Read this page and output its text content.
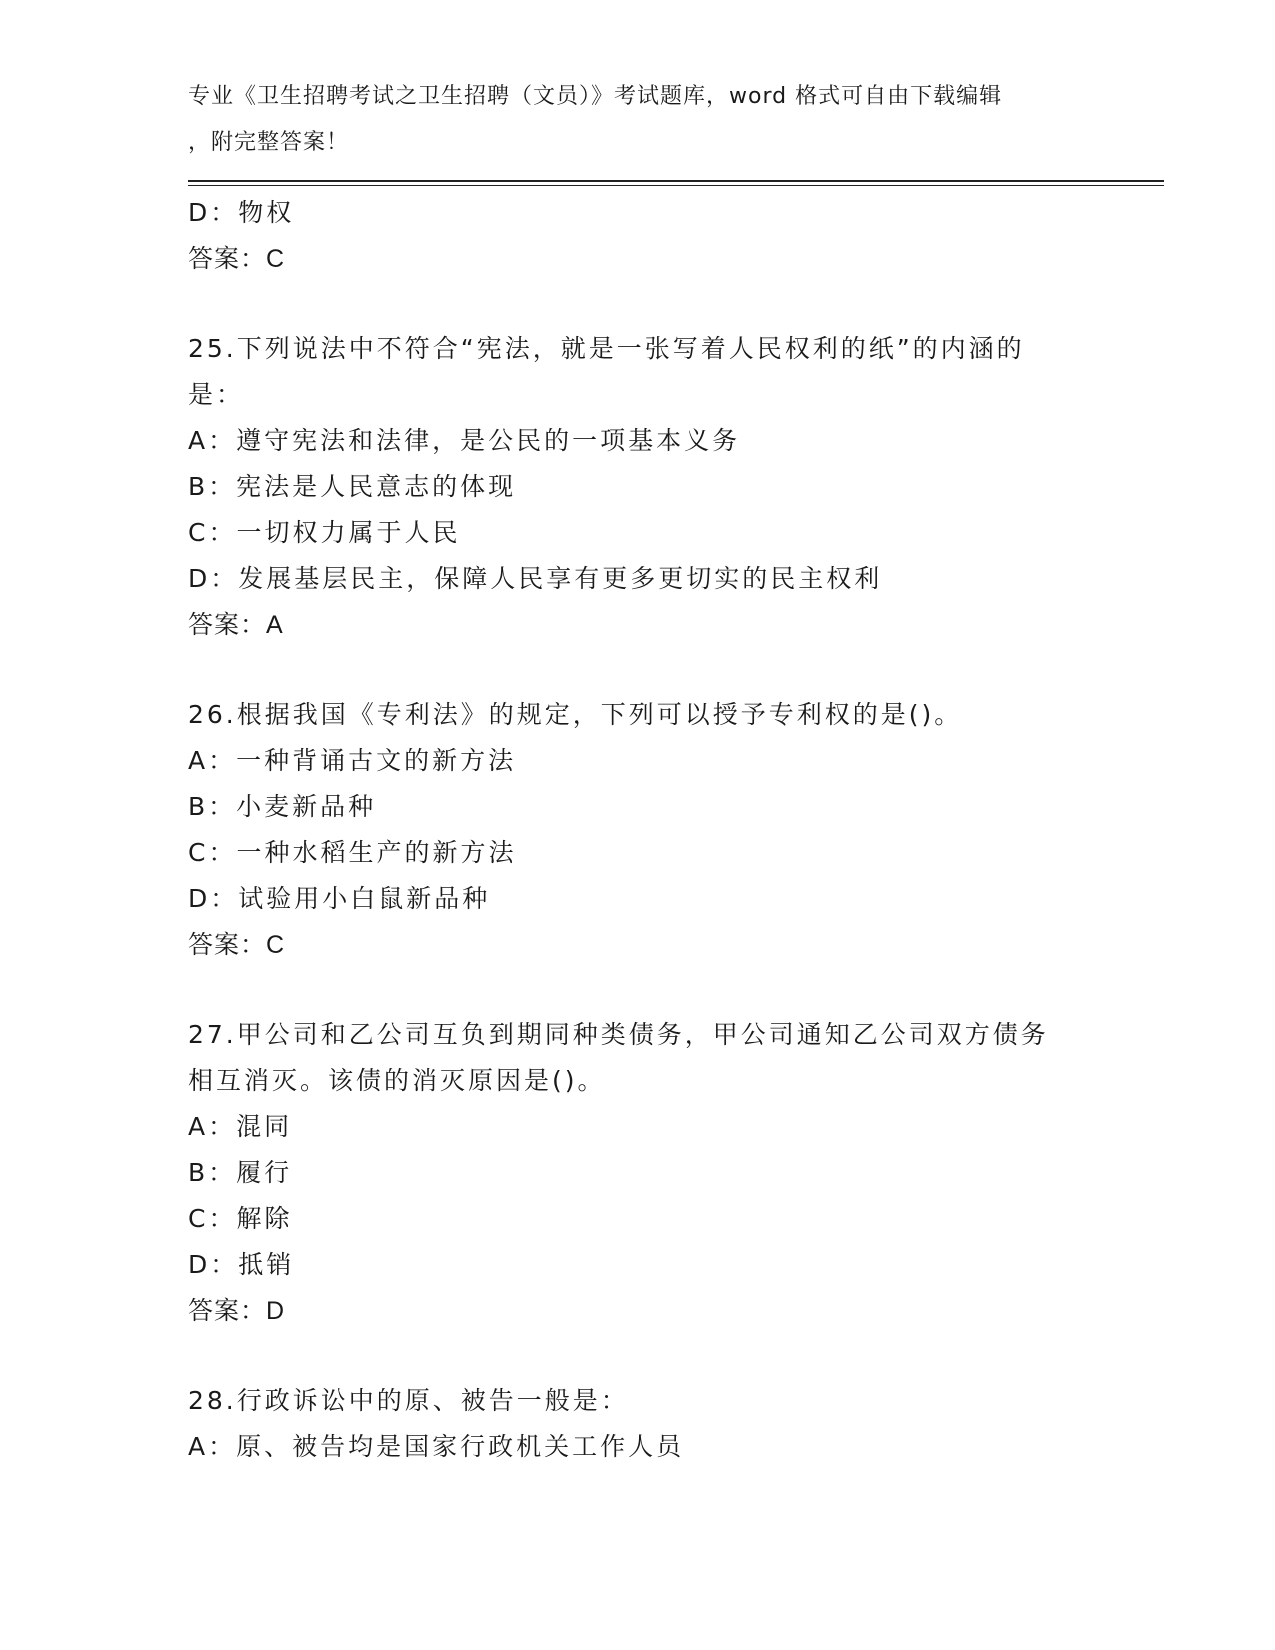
专业《卫生招聘考试之卫生招聘（文员）》考试题库，word 格式可自由下载编辑
，附完整答案！
D：物权
答案：C
25.下列说法中不符合“宪法，就是一张写着人民权利的纸”的内涵的
是：
A：遵守宪法和法律，是公民的一项基本义务
B：宪法是人民意志的体现
C：一切权力属于人民
D：发展基层民主，保障人民享有更多更切实的民主权利
答案：A
26.根据我国《专利法》的规定，下列可以授予专利权的是()。
A：一种背诵古文的新方法
B：小麦新品种
C：一种水稻生产的新方法
D：试验用小白鼠新品种
答案：C
27.甲公司和乙公司互负到期同种类债务，甲公司通知乙公司双方债务
相互消灭。该债的消灭原因是()。
A：混同
B：履行
C：解除
D：抵销
答案：D
28.行政诉讼中的原、被告一般是：
A：原、被告均是国家行政机关工作人员
